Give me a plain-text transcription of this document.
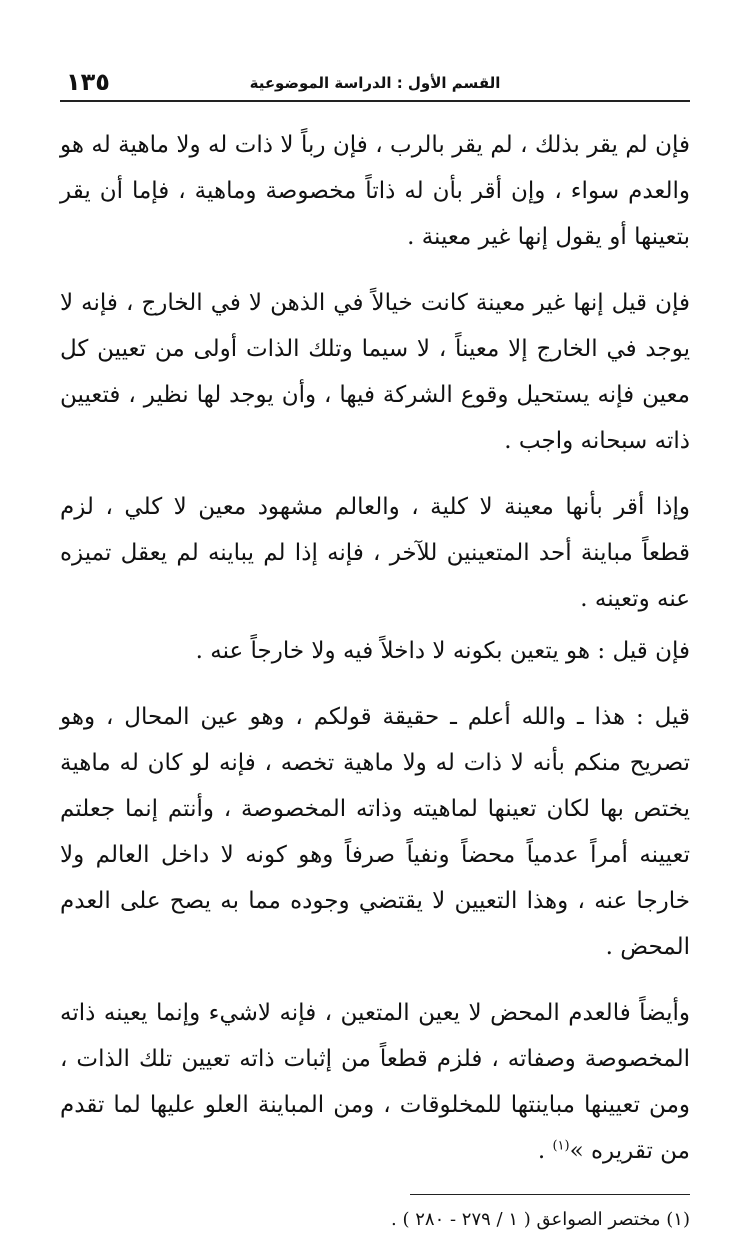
١٣٥	القسم الأول : الدراسة الموضوعية

فإن لم يقر بذلك ، لم يقر بالرب ، فإن رباً لا ذات له ولا ماهية له هو والعدم سواء ، وإن أقر بأن له ذاتاً مخصوصة وماهية ، فإما أن يقر بتعينها أو يقول إنها غير معينة .

فإن قيل إنها غير معينة كانت خيالاً في الذهن لا في الخارج ، فإنه لا يوجد في الخارج إلا معيناً ، لا سيما وتلك الذات أولى من تعيين كل معين فإنه يستحيل وقوع الشركة فيها ، وأن يوجد لها نظير ، فتعيين ذاته سبحانه واجب .

وإذا أقر بأنها معينة لا كلية ، والعالم مشهود معين لا كلي ، لزم قطعاً مباينة أحد المتعينين للآخر ، فإنه إذا لم يباينه لم يعقل تميزه عنه وتعينه .

فإن قيل : هو يتعين بكونه لا داخلاً فيه ولا خارجاً عنه .

قيل : هذا ـ والله أعلم ـ حقيقة قولكم ، وهو عين المحال ، وهو تصريح منكم بأنه لا ذات له ولا ماهية تخصه ، فإنه لو كان له ماهية يختص بها لكان تعينها لماهيته وذاته المخصوصة ، وأنتم إنما جعلتم تعيينه أمراً عدمياً محضاً ونفياً صرفاً وهو كونه لا داخل العالم ولا خارجا عنه ، وهذا التعيين لا يقتضي وجوده مما به يصح على العدم المحض .

وأيضاً فالعدم المحض لا يعين المتعين ، فإنه لاشيء وإنما يعينه ذاته المخصوصة وصفاته ، فلزم قطعاً من إثبات ذاته تعيين تلك الذات ، ومن تعيينها مباينتها للمخلوقات ، ومن المباينة العلو عليها لما تقدم من تقريره »$^{(١)}$ .

(١) مختصر الصواعق ( ١ / ٢٧٩ - ٢٨٠ ) .
